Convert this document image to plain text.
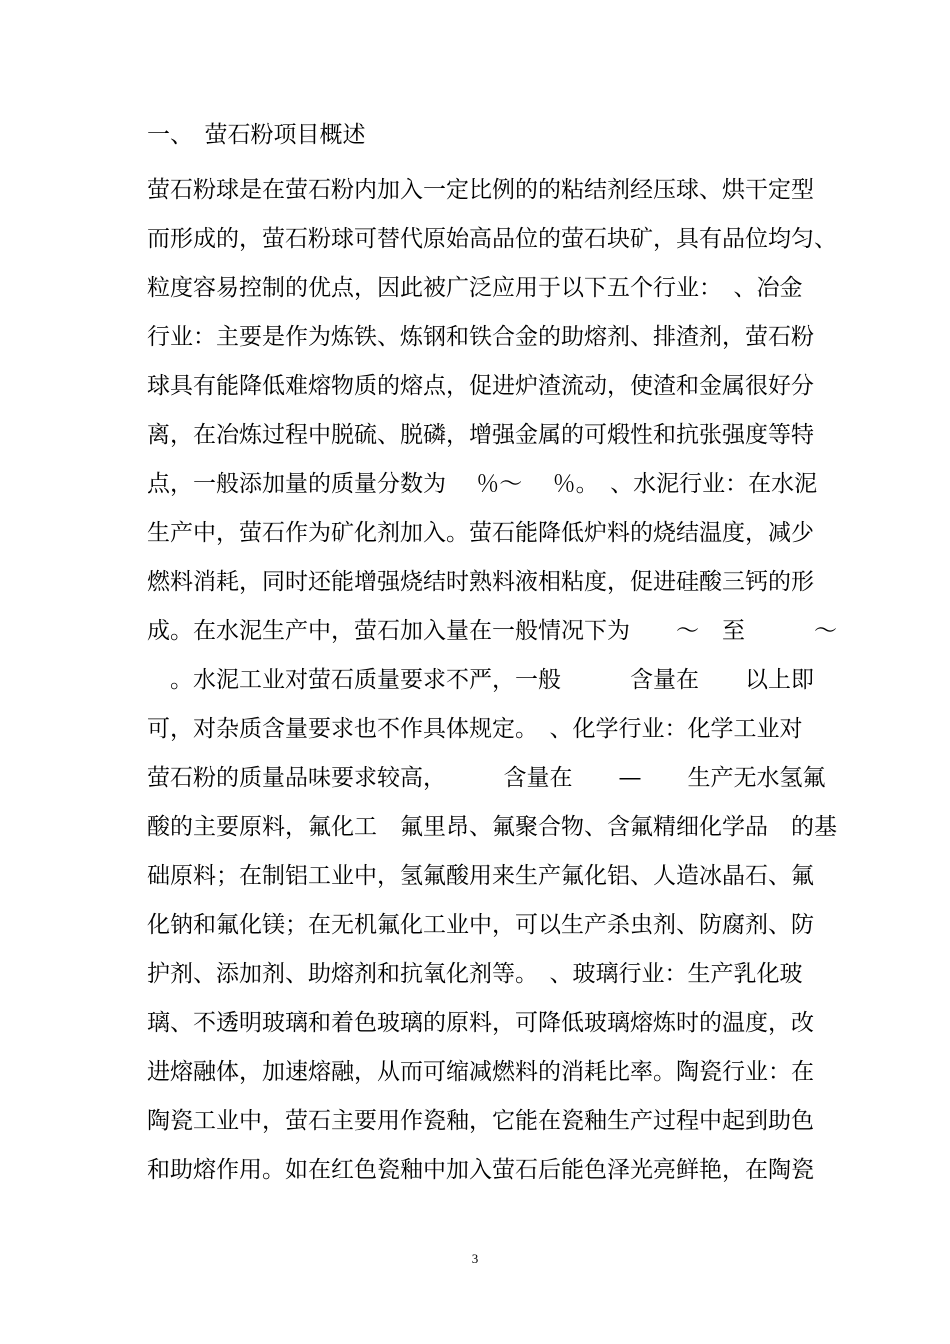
一、　萤石粉项目概述
萤石粉球是在萤石粉内加入一定比例的的粘结剂经压球、烘干定型
而形成的，萤石粉球可替代原始高品位的萤石块矿，具有品位均匀、
粒度容易控制的优点，因此被广泛应用于以下五个行业：　、冶金
行业：主要是作为炼铁、炼钢和铁合金的助熔剂、排渣剂，萤石粉
球具有能降低难熔物质的熔点，促进炉渣流动，使渣和金属很好分
离，在冶炼过程中脱硫、脱磷，增强金属的可煅性和抗张强度等特
点，一般添加量的质量分数为　 ％～　 ％。　、水泥行业：在水泥
生产中，萤石作为矿化剂加入。萤石能降低炉料的烧结温度，减少
燃料消耗，同时还能增强烧结时熟料液相粘度，促进硅酸三钙的形
成。在水泥生产中，萤石加入量在一般情况下为　　～　至　　　～
　。水泥工业对萤石质量要求不严，一般　　　含量在　　以上即
可，对杂质含量要求也不作具体规定。　、化学行业：化学工业对
萤石粉的质量品味要求较高，　　　含量在　　—　　生产无水氢氟
酸的主要原料，氟化工　氟里昂、氟聚合物、含氟精细化学品　的基
础原料；在制铝工业中，氢氟酸用来生产氟化铝、人造冰晶石、氟
化钠和氟化镁；在无机氟化工业中，可以生产杀虫剂、防腐剂、防
护剂、添加剂、助熔剂和抗氧化剂等。　、玻璃行业：生产乳化玻
璃、不透明玻璃和着色玻璃的原料，可降低玻璃熔炼时的温度，改
进熔融体，加速熔融，从而可缩减燃料的消耗比率。陶瓷行业：在
陶瓷工业中，萤石主要用作瓷釉，它能在瓷釉生产过程中起到助色
和助熔作用。如在红色瓷釉中加入萤石后能色泽光亮鲜艳，在陶瓷
3
